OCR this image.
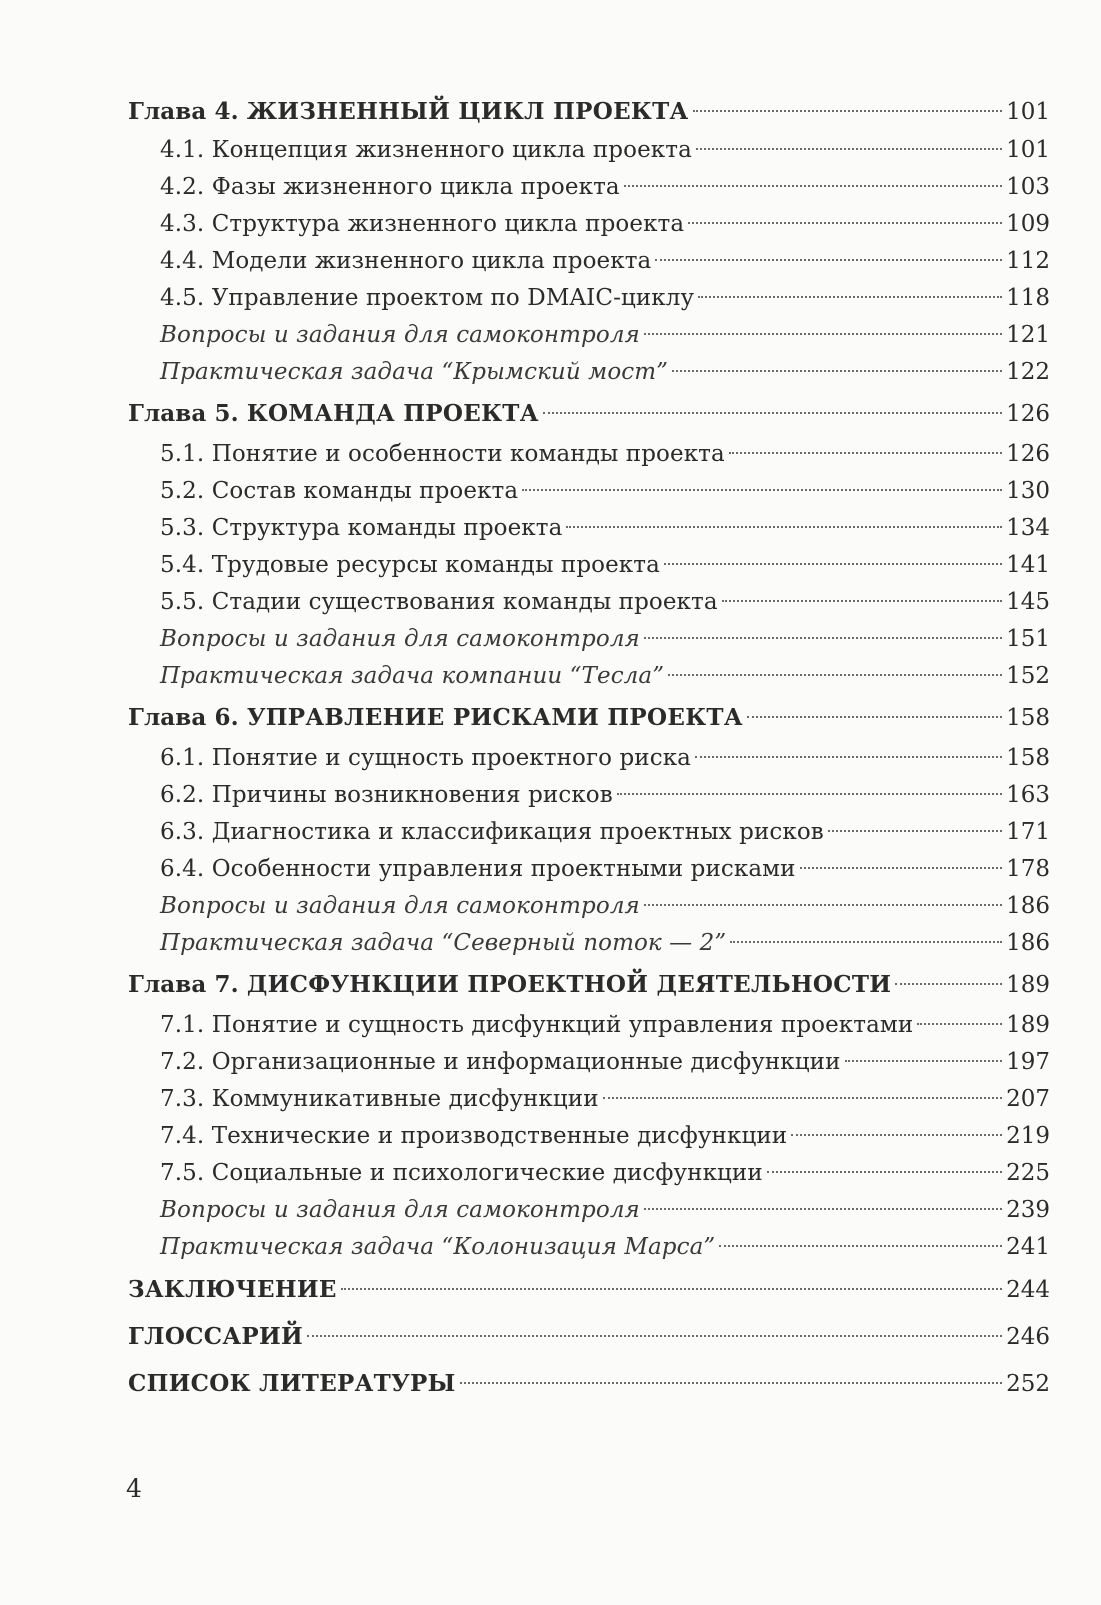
Глава 4. ЖИЗНЕННЫЙ ЦИКЛ ПРОЕКТА	101
4.1. Концепция жизненного цикла проекта	101
4.2. Фазы жизненного цикла проекта	103
4.3. Структура жизненного цикла проекта	109
4.4. Модели жизненного цикла проекта	112
4.5. Управление проектом по DMAIC-циклу	118
Вопросы и задания для самоконтроля	121
Практическая задача “Крымский мост”	122
Глава 5. КОМАНДА ПРОЕКТА	126
5.1. Понятие и особенности команды проекта	126
5.2. Состав команды проекта	130
5.3. Структура команды проекта	134
5.4. Трудовые ресурсы команды проекта	141
5.5. Стадии существования команды проекта	145
Вопросы и задания для самоконтроля	151
Практическая задача компании “Тесла”	152
Глава 6. УПРАВЛЕНИЕ РИСКАМИ ПРОЕКТА	158
6.1. Понятие и сущность проектного риска	158
6.2. Причины возникновения рисков	163
6.3. Диагностика и классификация проектных рисков	171
6.4. Особенности управления проектными рисками	178
Вопросы и задания для самоконтроля	186
Практическая задача “Северный поток — 2”	186
Глава 7. ДИСФУНКЦИИ ПРОЕКТНОЙ ДЕЯТЕЛЬНОСТИ	189
7.1. Понятие и сущность дисфункций управления проектами	189
7.2. Организационные и информационные дисфункции	197
7.3. Коммуникативные дисфункции	207
7.4. Технические и производственные дисфункции	219
7.5. Социальные и психологические дисфункции	225
Вопросы и задания для самоконтроля	239
Практическая задача “Колонизация Марса”	241
ЗАКЛЮЧЕНИЕ	244
ГЛОССАРИЙ	246
СПИСОК ЛИТЕРАТУРЫ	252
4
